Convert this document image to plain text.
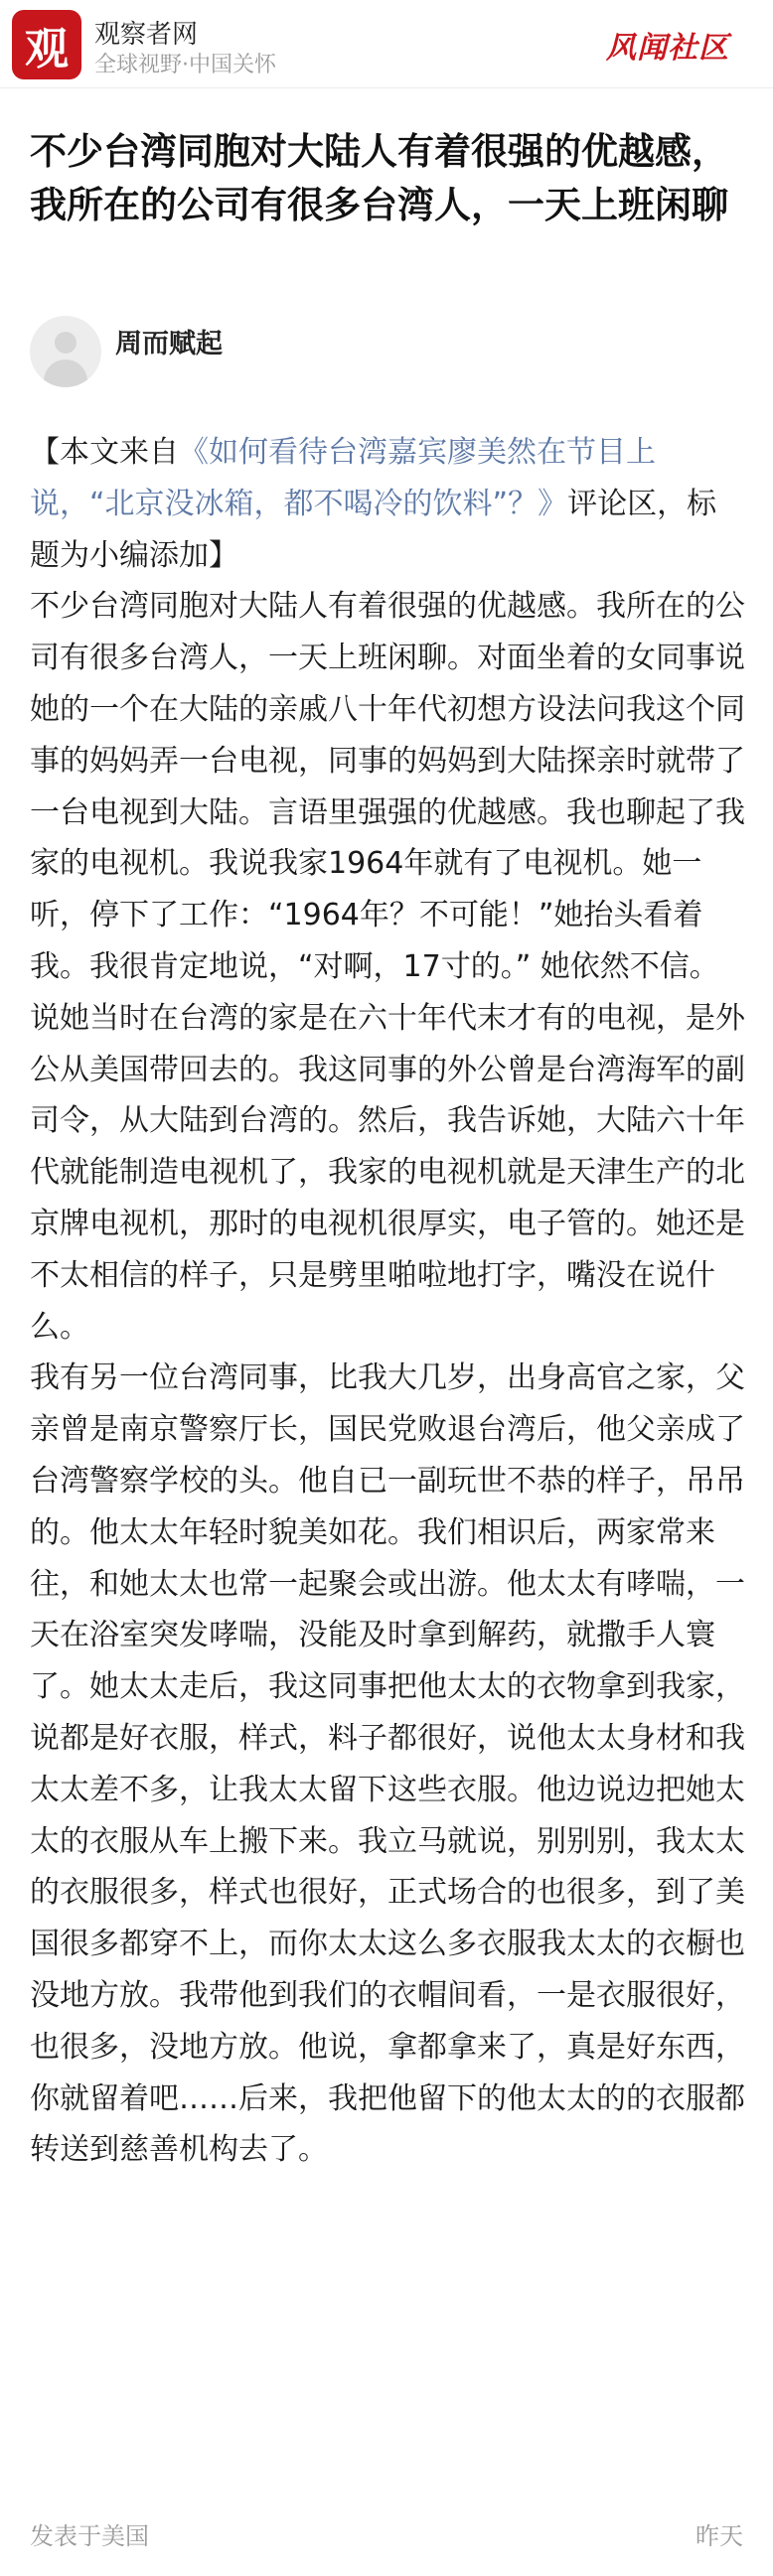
观 观察者网
全球视野·中国关怀	风闻社区
不少台湾同胞对大陆人有着很强的优越感，我所在的公司有很多台湾人，一天上班闲聊
周而赋起

【本文来自《如何看待台湾嘉宾廖美然在节目上说，“北京没冰箱，都不喝冷的饮料”？》评论区，标题为小编添加】

不少台湾同胞对大陆人有着很强的优越感。我所在的公司有很多台湾人，一天上班闲聊。对面坐着的女同事说她的一个在大陆的亲戚八十年代初想方设法问我这个同事的妈妈弄一台电视，同事的妈妈到大陆探亲时就带了一台电视到大陆。言语里强强的优越感。我也聊起了我家的电视机。我说我家1964年就有了电视机。她一听，停下了工作：“1964年？不可能！”她抬头看着我。我很肯定地说，“对啊，17寸的。” 她依然不信。说她当时在台湾的家是在六十年代末才有的电视，是外公从美国带回去的。我这同事的外公曾是台湾海军的副司令，从大陆到台湾的。然后，我告诉她，大陆六十年代就能制造电视机了，我家的电视机就是天津生产的北京牌电视机，那时的电视机很厚实，电子管的。她还是不太相信的样子，只是劈里啪啦地打字，嘴没在说什么。

我有另一位台湾同事，比我大几岁，出身高官之家，父亲曾是南京警察厅长，国民党败退台湾后，他父亲成了台湾警察学校的头。他自已一副玩世不恭的样子，吊吊的。他太太年轻时貌美如花。我们相识后，两家常来往，和她太太也常一起聚会或出游。他太太有哮喘，一天在浴室突发哮喘，没能及时拿到解药，就撒手人寰了。她太太走后，我这同事把他太太的衣物拿到我家，说都是好衣服，样式，料子都很好，说他太太身材和我太太差不多，让我太太留下这些衣服。他边说边把她太太的衣服从车上搬下来。我立马就说，别别别，我太太的衣服很多，样式也很好，正式场合的也很多，到了美国很多都穿不上，而你太太这么多衣服我太太的衣橱也没地方放。我带他到我们的衣帽间看，一是衣服很好，也很多，没地方放。他说，拿都拿来了，真是好东西，你就留着吧……后来，我把他留下的他太太的的衣服都转送到慈善机构去了。

发表于美国	昨天
